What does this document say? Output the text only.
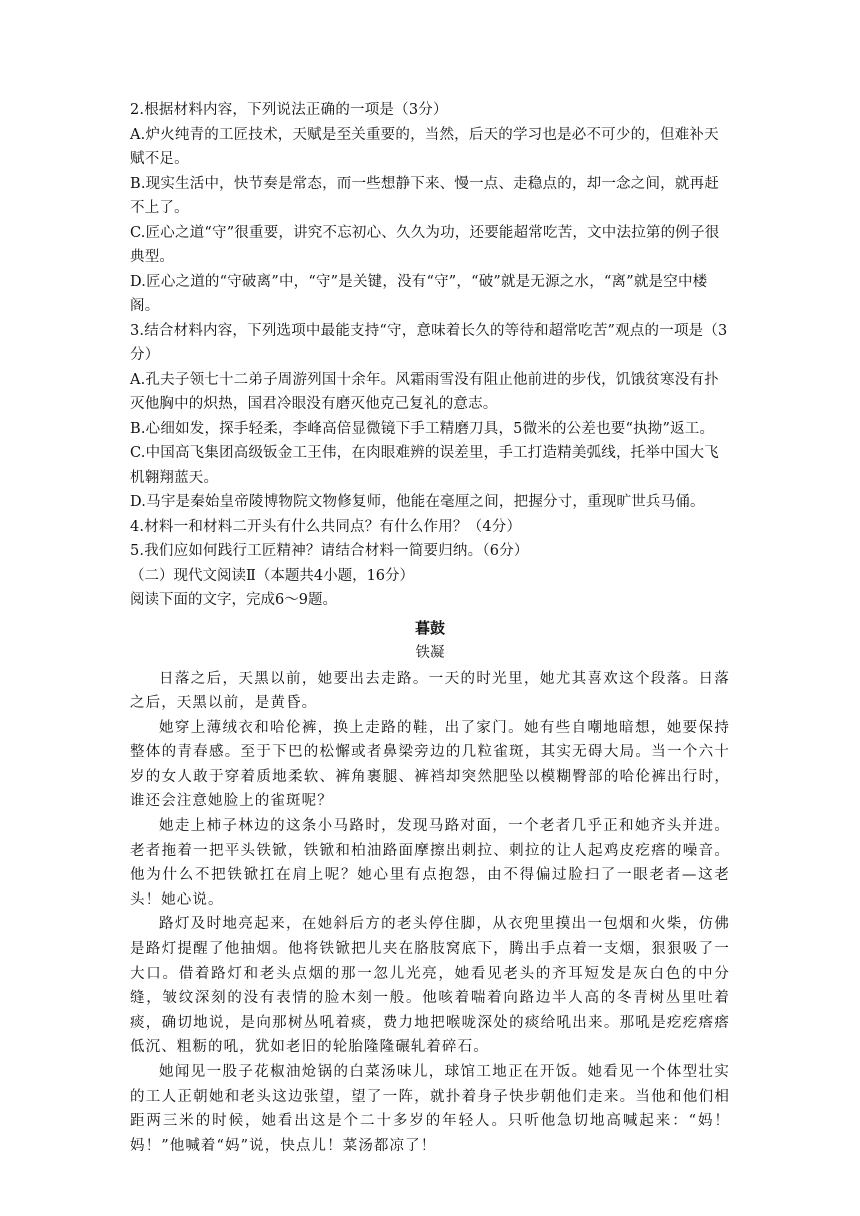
2.根据材料内容，下列说法正确的一项是（3分）

A.炉火纯青的工匠技术，天赋是至关重要的，当然，后天的学习也是必不可少的，但难补天赋不足。

B.现实生活中，快节奏是常态，而一些想静下来、慢一点、走稳点的，却一念之间，就再赶不上了。

C.匠心之道“守”很重要，讲究不忘初心、久久为功，还要能超常吃苦，文中法拉第的例子很典型。

D.匠心之道的“守破离”中，“守”是关键，没有“守”，“破”就是无源之水，“离”就是空中楼阁。

3.结合材料内容，下列选项中最能支持“守，意味着长久的等待和超常吃苦”观点的一项是（3分）

A.孔夫子领七十二弟子周游列国十余年。风霜雨雪没有阻止他前进的步伐，饥饿贫寒没有扑灭他胸中的炽热，国君冷眼没有磨灭他克己复礼的意志。

B.心细如发，探手轻柔，李峰高倍显微镜下手工精磨刀具，5微米的公差也要“执拗”返工。

C.中国高飞集团高级钣金工王伟，在肉眼难辨的误差里，手工打造精美弧线，托举中国大飞机翱翔蓝天。

D.马宇是秦始皇帝陵博物院文物修复师，他能在毫厘之间，把握分寸，重现旷世兵马俑。

4.材料一和材料二开头有什么共同点？有什么作用？（4分）

5.我们应如何践行工匠精神？请结合材料一简要归纳。（6分）

（二）现代文阅读Ⅱ（本题共4小题，16分）

阅读下面的文字，完成6～9题。

暮鼓

铁凝

日落之后，天黑以前，她要出去走路。一天的时光里，她尤其喜欢这个段落。日落之后，天黑以前，是黄昏。

她穿上薄绒衣和哈伦裤，换上走路的鞋，出了家门。她有些自嘲地暗想，她要保持整体的青春感。至于下巴的松懈或者鼻梁旁边的几粒雀斑，其实无碍大局。当一个六十岁的女人敢于穿着质地柔软、裤角裹腿、裤裆却突然肥坠以模糊臀部的哈伦裤出行时，谁还会注意她脸上的雀斑呢？

她走上柿子林边的这条小马路时，发现马路对面，一个老者几乎正和她齐头并进。老者拖着一把平头铁锨，铁锨和柏油路面摩擦出刺拉、刺拉的让人起鸡皮疙瘩的噪音。他为什么不把铁锨扛在肩上呢？她心里有点抱怨，由不得偏过脸扫了一眼老者—这老头！她心说。

路灯及时地亮起来，在她斜后方的老头停住脚，从衣兜里摸出一包烟和火柴，仿佛是路灯提醒了他抽烟。他将铁锨把儿夹在胳肢窝底下，腾出手点着一支烟，狠狠吸了一大口。借着路灯和老头点烟的那一忽儿光亮，她看见老头的齐耳短发是灰白色的中分缝，皱纹深刻的没有表情的脸木刻一般。他咳着喘着向路边半人高的冬青树丛里吐着痰，确切地说，是向那树丛吼着痰，费力地把喉咙深处的痰给吼出来。那吼是疙疙瘩瘩低沉、粗粝的吼，犹如老旧的轮胎隆隆碾轧着碎石。

她闻见一股子花椒油炝锅的白菜汤味儿，球馆工地正在开饭。她看见一个体型壮实的工人正朝她和老头这边张望，望了一阵，就扑着身子快步朝他们走来。当他和他们相距两三米的时候，她看出这是个二十多岁的年轻人。只听他急切地高喊起来：“妈！妈！”他喊着“妈”说，快点儿！菜汤都凉了！
